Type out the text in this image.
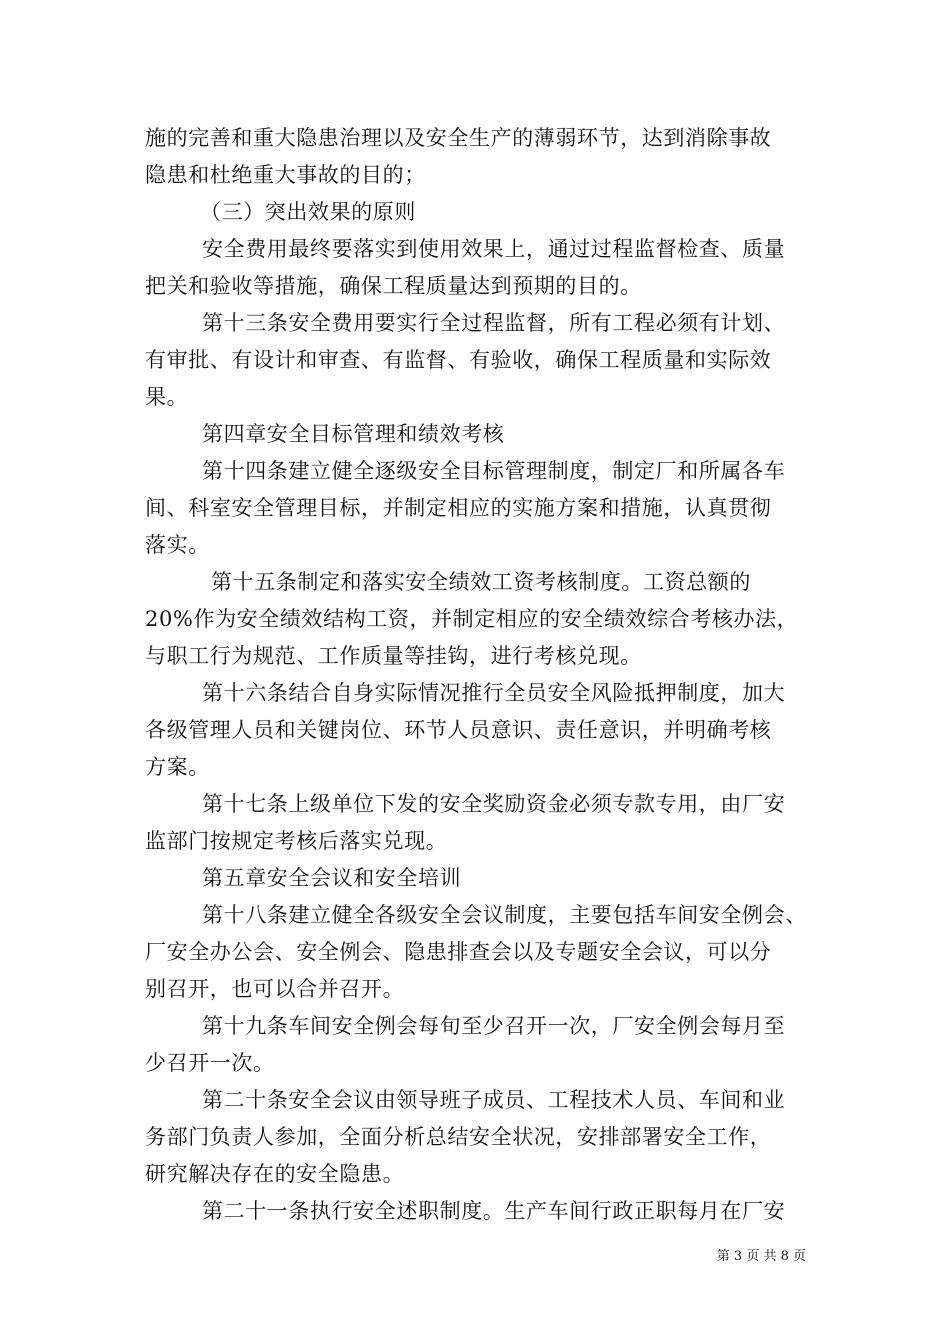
施的完善和重大隐患治理以及安全生产的薄弱环节，达到消除事故
隐患和杜绝重大事故的目的；
（三）突出效果的原则
安全费用最终要落实到使用效果上，通过过程监督检查、质量
把关和验收等措施，确保工程质量达到预期的目的。
第十三条安全费用要实行全过程监督，所有工程必须有计划、
有审批、有设计和审查、有监督、有验收，确保工程质量和实际效
果。
第四章安全目标管理和绩效考核
第十四条建立健全逐级安全目标管理制度，制定厂和所属各车
间、科室安全管理目标，并制定相应的实施方案和措施，认真贯彻
落实。
第十五条制定和落实安全绩效工资考核制度。工资总额的
20%作为安全绩效结构工资，并制定相应的安全绩效综合考核办法，
与职工行为规范、工作质量等挂钩，进行考核兑现。
第十六条结合自身实际情况推行全员安全风险抵押制度，加大
各级管理人员和关键岗位、环节人员意识、责任意识，并明确考核
方案。
第十七条上级单位下发的安全奖励资金必须专款专用，由厂安
监部门按规定考核后落实兑现。
第五章安全会议和安全培训
第十八条建立健全各级安全会议制度，主要包括车间安全例会、
厂安全办公会、安全例会、隐患排查会以及专题安全会议，可以分
别召开，也可以合并召开。
第十九条车间安全例会每旬至少召开一次，厂安全例会每月至
少召开一次。
第二十条安全会议由领导班子成员、工程技术人员、车间和业
务部门负责人参加，全面分析总结安全状况，安排部署安全工作，
研究解决存在的安全隐患。
第二十一条执行安全述职制度。生产车间行政正职每月在厂安
第 3 页 共 8 页
